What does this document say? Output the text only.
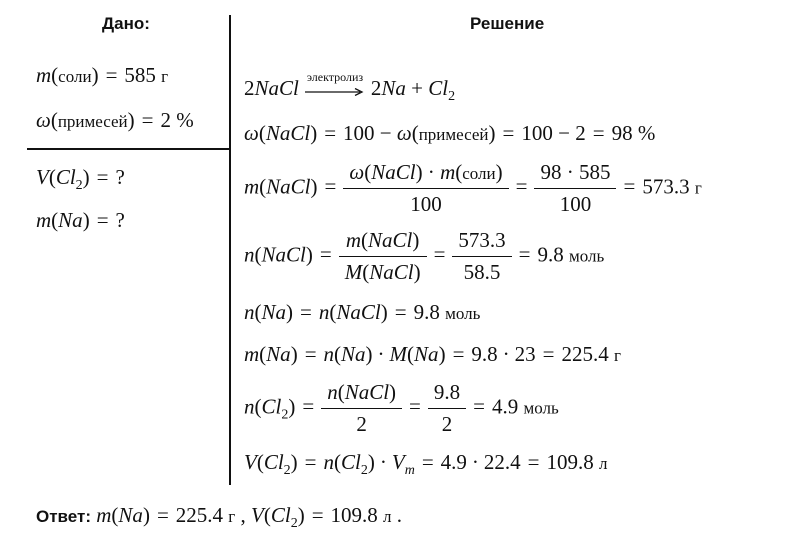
Дано:	Решение
m(соли) = 585 г
ω(примесей) = 2 %
$V(Cl_2)$ = ?
m(Na) = ?
2NaCl электролиз $2Na + Cl_2$
ω(NaCl) = 100 − ω(примесей) = 100 − 2 = 98 %
m(NaCl) =
ω(NaCl) · m(соли)
100
= $\frac{98 \cdot 585}{100} = 573.3$ г
n(NaCl) =
m(NaCl)
M(NaCl)
= $\frac{573.3}{58.5} = 9.8$ моль
n(Na) = n(NaCl) = 9.8 моль
m(Na) = n(Na) · M(Na) = 9.8 · 23 = 225.4 г
$n(Cl_2)$ =
n(NaCl)
2
= $\frac{9.8}{2} = 4.9$ моль
$V(Cl_2) = n(Cl_2) \cdot V_m = 4.9 \cdot 22.4 = 109.8$ л
Ответ: m(Na) = 225.4 г , $V(Cl_2) = 109.8$ л .
